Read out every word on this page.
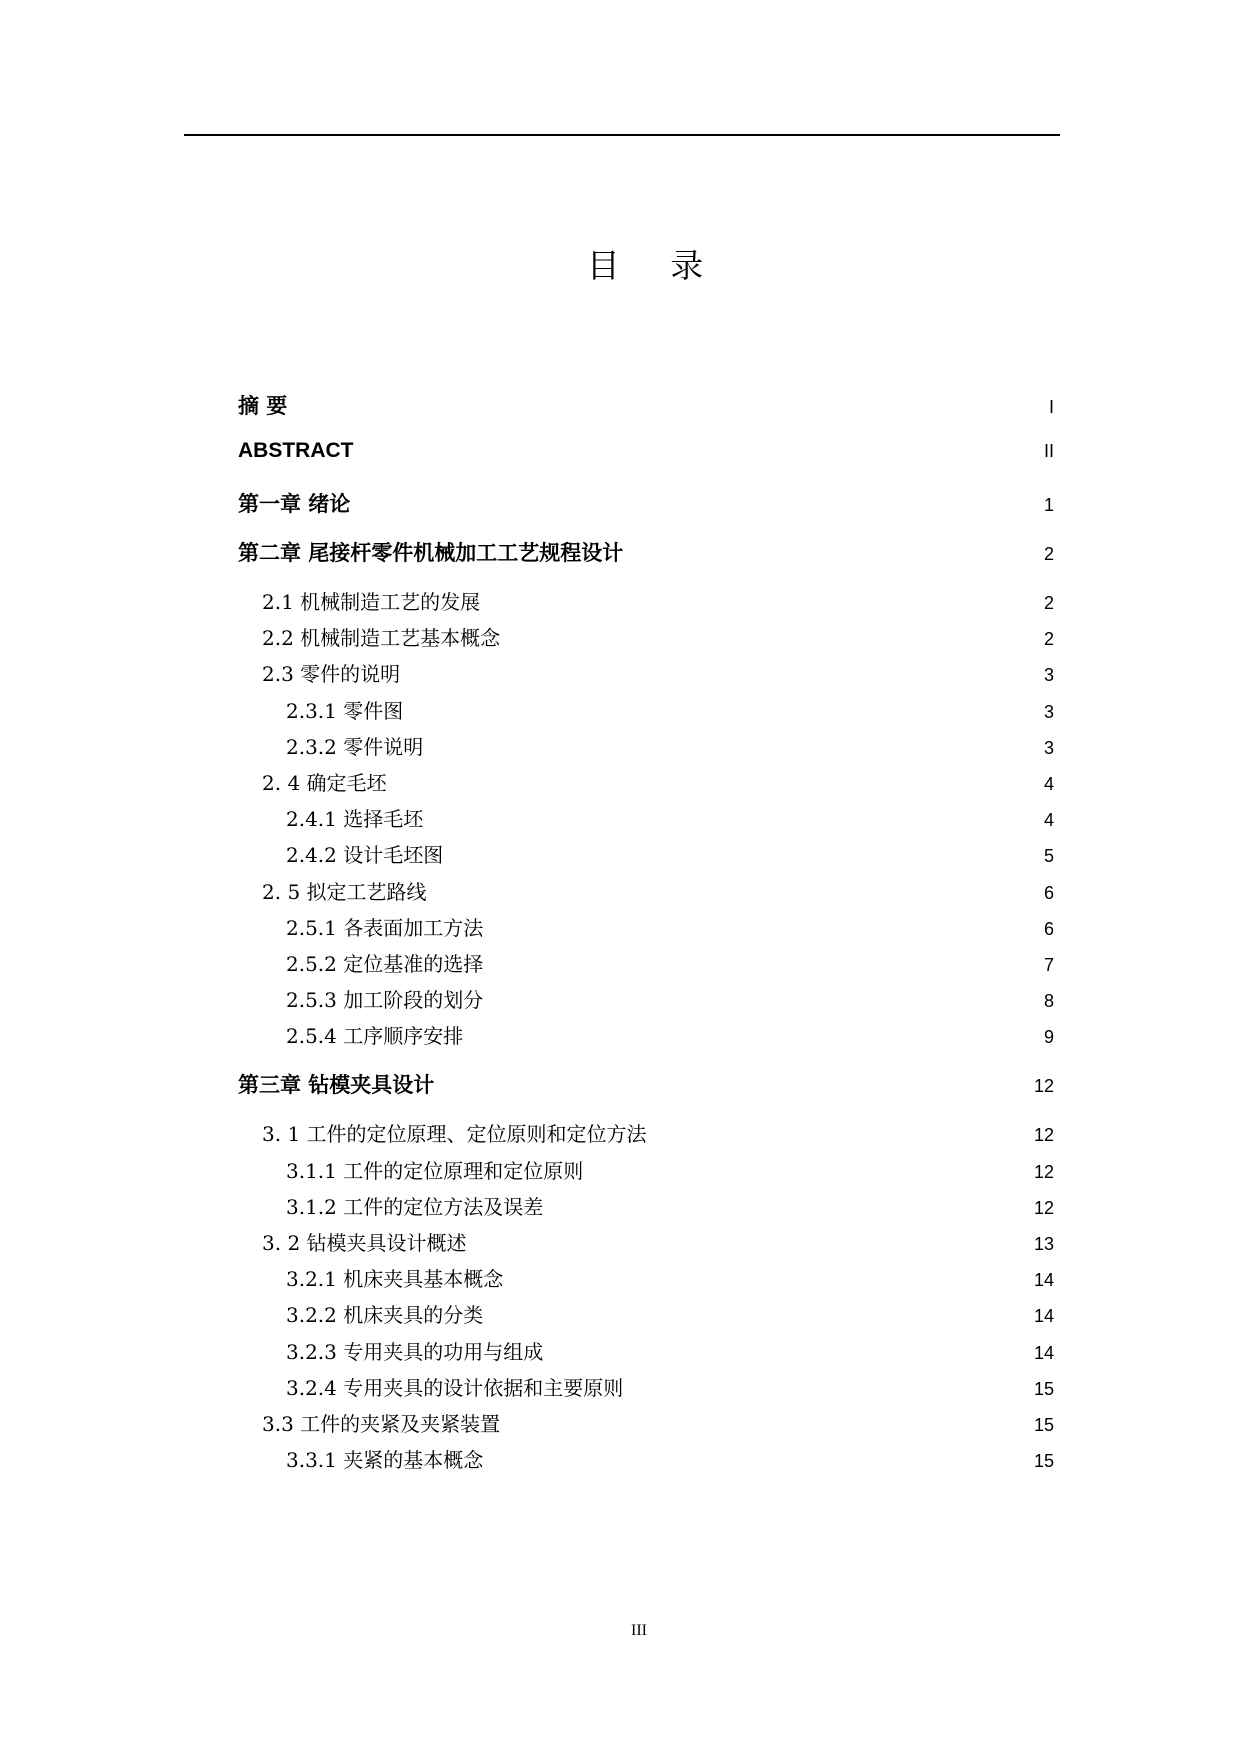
目 录
摘 要	I
ABSTRACT	II
第一章 绪论	1
第二章 尾接杆零件机械加工工艺规程设计	2
2.1 机械制造工艺的发展	2
2.2 机械制造工艺基本概念	2
2.3 零件的说明	3
2.3.1 零件图	3
2.3.2 零件说明	3
2. 4 确定毛坯	4
2.4.1 选择毛坯	4
2.4.2 设计毛坯图	5
2. 5 拟定工艺路线	6
2.5.1 各表面加工方法	6
2.5.2 定位基准的选择	7
2.5.3 加工阶段的划分	8
2.5.4 工序顺序安排	9
第三章 钻模夹具设计	12
3. 1 工件的定位原理、定位原则和定位方法	12
3.1.1 工件的定位原理和定位原则	12
3.1.2 工件的定位方法及误差	12
3. 2 钻模夹具设计概述	13
3.2.1 机床夹具基本概念	14
3.2.2 机床夹具的分类	14
3.2.3 专用夹具的功用与组成	14
3.2.4 专用夹具的设计依据和主要原则	15
3.3 工件的夹紧及夹紧装置	15
3.3.1 夹紧的基本概念	15
III
